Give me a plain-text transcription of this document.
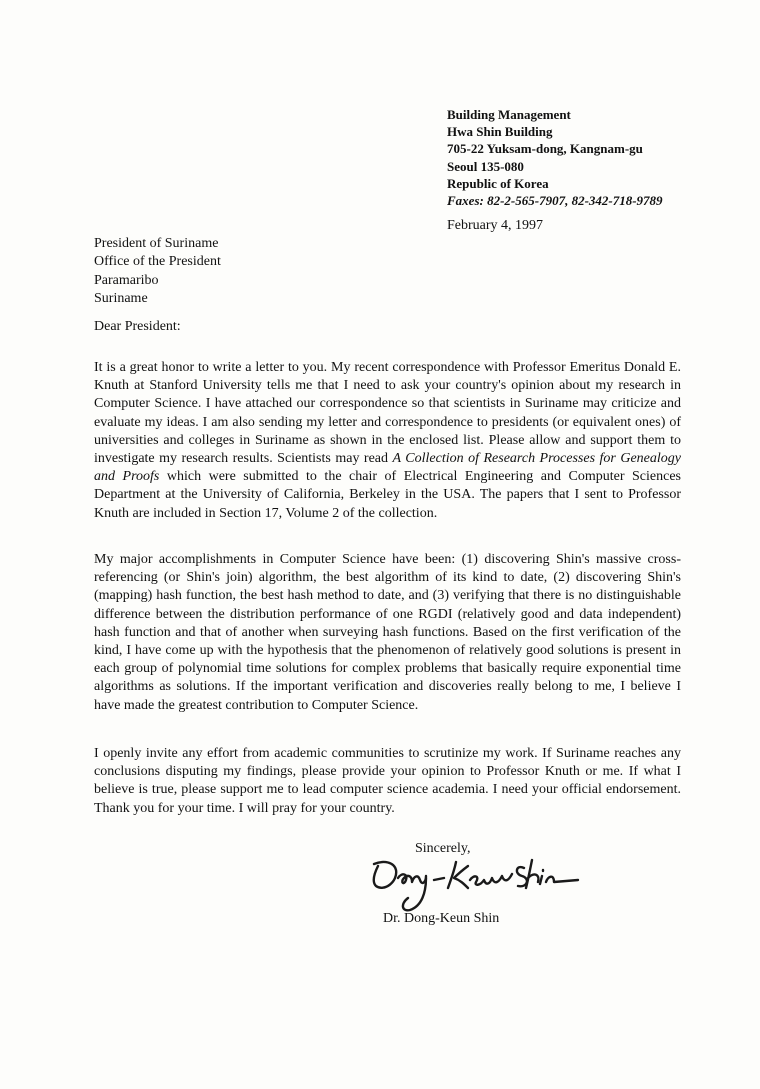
Building Management
Hwa Shin Building
705-22 Yuksam-dong, Kangnam-gu
Seoul 135-080
Republic of Korea
Faxes: 82-2-565-7907, 82-342-718-9789
February 4, 1997
President of Suriname
Office of the President
Paramaribo
Suriname
Dear President:
It is a great honor to write a letter to you. My recent correspondence with Professor Emeritus Donald E. Knuth at Stanford University tells me that I need to ask your country's opinion about my research in Computer Science. I have attached our correspondence so that scientists in Suriname may criticize and evaluate my ideas. I am also sending my letter and correspondence to presidents (or equivalent ones) of universities and colleges in Suriname as shown in the enclosed list. Please allow and support them to investigate my research results. Scientists may read A Collection of Research Processes for Genealogy and Proofs which were submitted to the chair of Electrical Engineering and Computer Sciences Department at the University of California, Berkeley in the USA. The papers that I sent to Professor Knuth are included in Section 17, Volume 2 of the collection.
My major accomplishments in Computer Science have been: (1) discovering Shin's massive cross-referencing (or Shin's join) algorithm, the best algorithm of its kind to date, (2) discovering Shin's (mapping) hash function, the best hash method to date, and (3) verifying that there is no distinguishable difference between the distribution performance of one RGDI (relatively good and data independent) hash function and that of another when surveying hash functions. Based on the first verification of the kind, I have come up with the hypothesis that the phenomenon of relatively good solutions is present in each group of polynomial time solutions for complex problems that basically require exponential time algorithms as solutions. If the important verification and discoveries really belong to me, I believe I have made the greatest contribution to Computer Science.
I openly invite any effort from academic communities to scrutinize my work. If Suriname reaches any conclusions disputing my findings, please provide your opinion to Professor Knuth or me. If what I believe is true, please support me to lead computer science academia. I need your official endorsement. Thank you for your time. I will pray for your country.
Sincerely,
Dr. Dong-Keun Shin
